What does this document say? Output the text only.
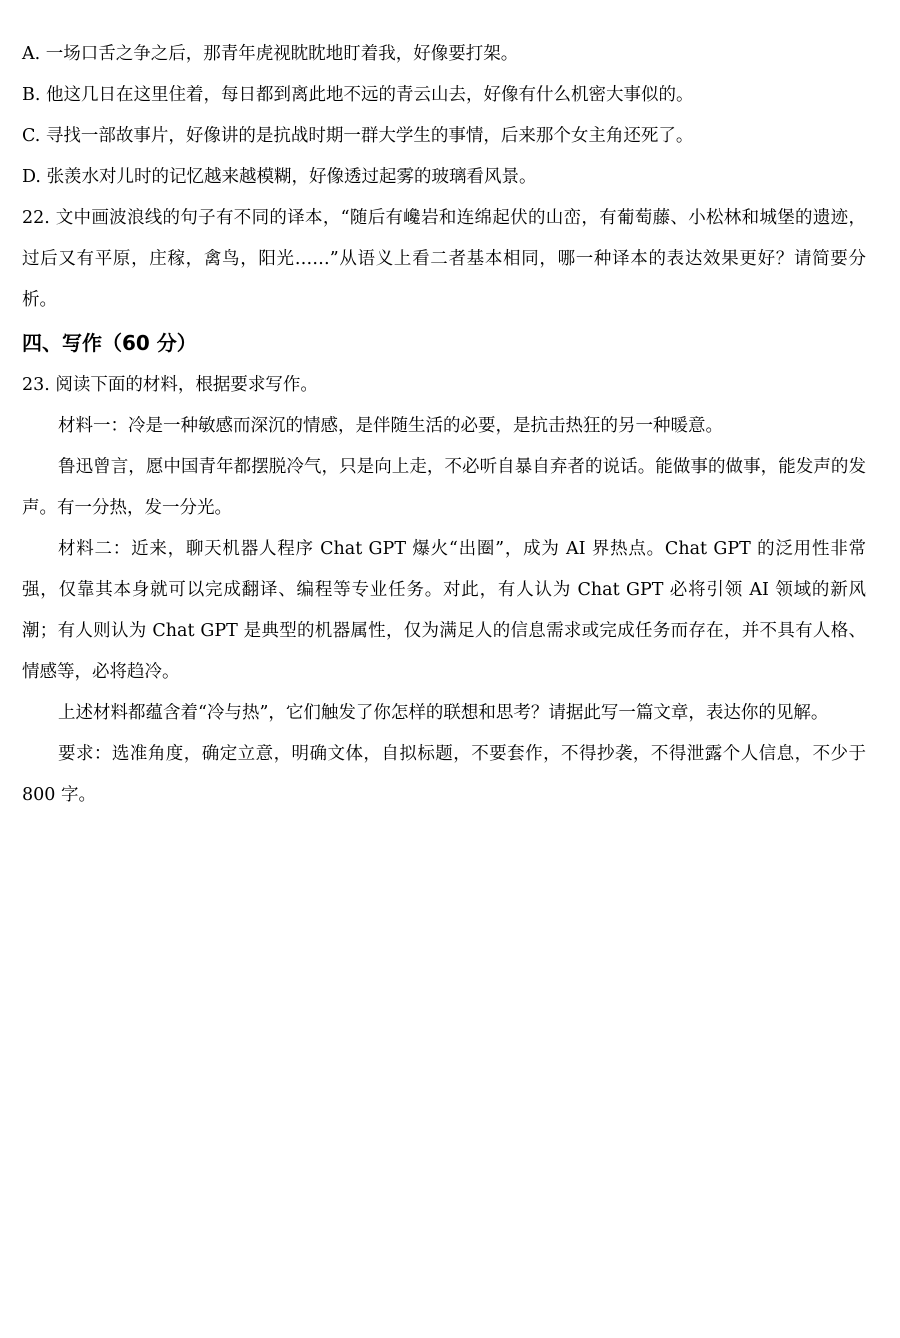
A. 一场口舌之争之后，那青年虎视眈眈地盯着我，好像要打架。

B. 他这几日在这里住着，每日都到离此地不远的青云山去，好像有什么机密大事似的。

C. 寻找一部故事片，好像讲的是抗战时期一群大学生的事情，后来那个女主角还死了。

D. 张羡水对儿时的记忆越来越模糊，好像透过起雾的玻璃看风景。

22. 文中画波浪线的句子有不同的译本，“随后有巉岩和连绵起伏的山峦，有葡萄藤、小松林和城堡的遗迹，过后又有平原，庄稼，禽鸟，阳光……”从语义上看二者基本相同，哪一种译本的表达效果更好？请简要分析。

四、写作（60 分）

23. 阅读下面的材料，根据要求写作。

材料一：冷是一种敏感而深沉的情感，是伴随生活的必要，是抗击热狂的另一种暖意。

鲁迅曾言，愿中国青年都摆脱冷气，只是向上走，不必听自暴自弃者的说话。能做事的做事，能发声的发声。有一分热，发一分光。

材料二：近来，聊天机器人程序 Chat GPT 爆火“出圈”，成为 AI 界热点。Chat GPT 的泛用性非常强，仅靠其本身就可以完成翻译、编程等专业任务。对此，有人认为 Chat GPT 必将引领 AI 领域的新风潮；有人则认为 Chat GPT 是典型的机器属性，仅为满足人的信息需求或完成任务而存在，并不具有人格、情感等，必将趋冷。

上述材料都蕴含着“冷与热”，它们触发了你怎样的联想和思考？请据此写一篇文章，表达你的见解。

要求：选准角度，确定立意，明确文体，自拟标题，不要套作，不得抄袭，不得泄露个人信息，不少于 800 字。
